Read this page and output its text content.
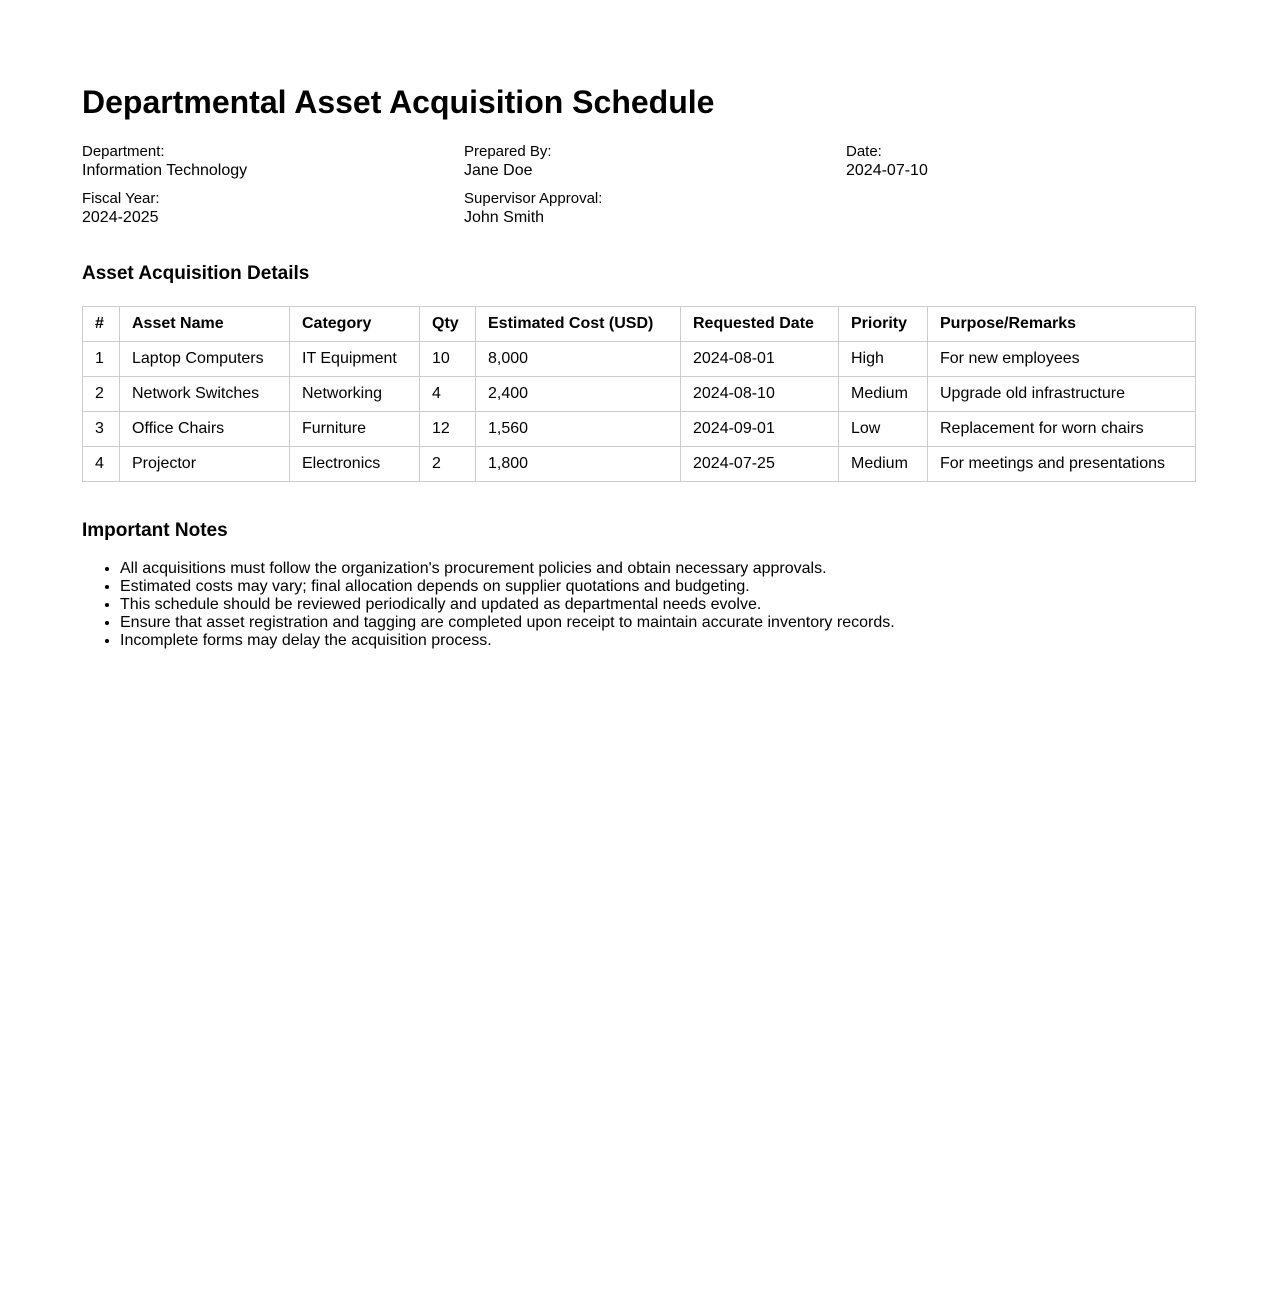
Departmental Asset Acquisition Schedule
Department:
Information Technology
Prepared By:
Jane Doe
Date:
2024-07-10
Fiscal Year:
2024-2025
Supervisor Approval:
John Smith
Asset Acquisition Details
#	Asset Name	Category	Qty	Estimated Cost (USD)	Requested Date	Priority	Purpose/Remarks
1	Laptop Computers	IT Equipment	10	8,000	2024-08-01	High	For new employees
2	Network Switches	Networking	4	2,400	2024-08-10	Medium	Upgrade old infrastructure
3	Office Chairs	Furniture	12	1,560	2024-09-01	Low	Replacement for worn chairs
4	Projector	Electronics	2	1,800	2024-07-25	Medium	For meetings and presentations
Important Notes
• All acquisitions must follow the organization's procurement policies and obtain necessary approvals.
• Estimated costs may vary; final allocation depends on supplier quotations and budgeting.
• This schedule should be reviewed periodically and updated as departmental needs evolve.
• Ensure that asset registration and tagging are completed upon receipt to maintain accurate inventory records.
• Incomplete forms may delay the acquisition process.
